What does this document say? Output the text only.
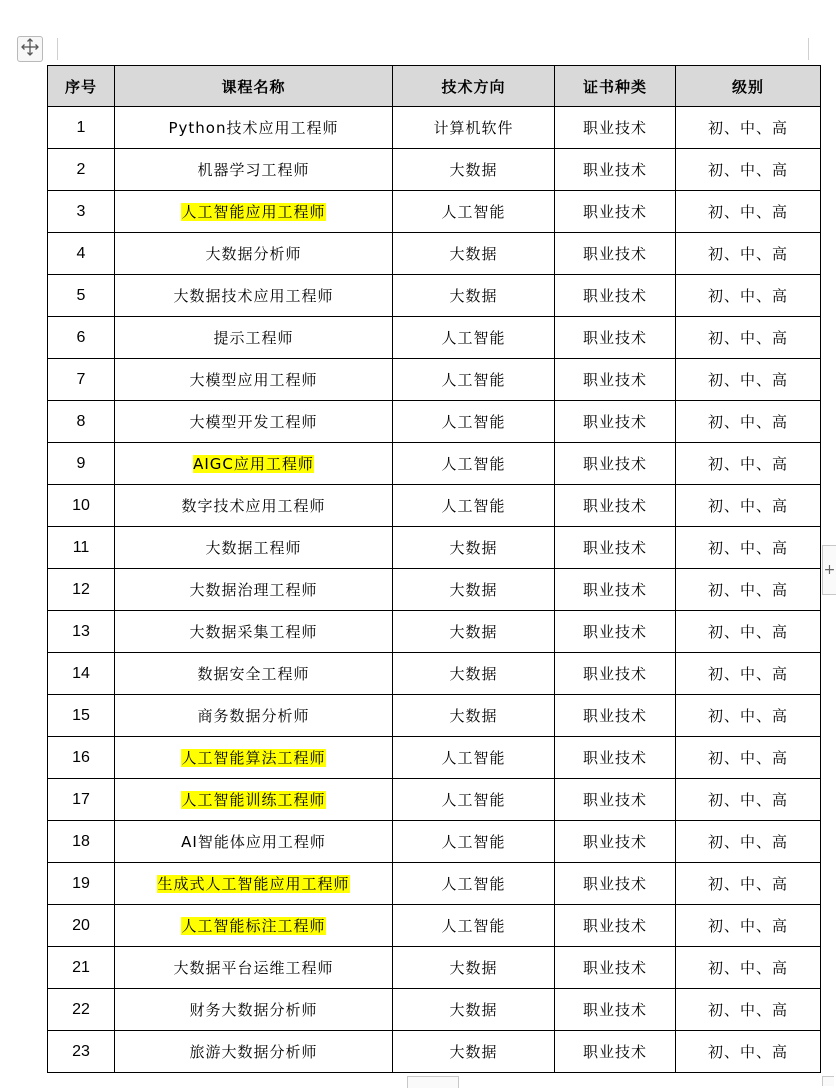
序号	课程名称	技术方向	证书种类	级别
1	Python技术应用工程师	计算机软件	职业技术	初、中、高
2	机器学习工程师	大数据	职业技术	初、中、高
3	人工智能应用工程师	人工智能	职业技术	初、中、高
4	大数据分析师	大数据	职业技术	初、中、高
5	大数据技术应用工程师	大数据	职业技术	初、中、高
6	提示工程师	人工智能	职业技术	初、中、高
7	大模型应用工程师	人工智能	职业技术	初、中、高
8	大模型开发工程师	人工智能	职业技术	初、中、高
9	AIGC应用工程师	人工智能	职业技术	初、中、高
10	数字技术应用工程师	人工智能	职业技术	初、中、高
11	大数据工程师	大数据	职业技术	初、中、高
12	大数据治理工程师	大数据	职业技术	初、中、高
13	大数据采集工程师	大数据	职业技术	初、中、高
14	数据安全工程师	大数据	职业技术	初、中、高
15	商务数据分析师	大数据	职业技术	初、中、高
16	人工智能算法工程师	人工智能	职业技术	初、中、高
17	人工智能训练工程师	人工智能	职业技术	初、中、高
18	AI智能体应用工程师	人工智能	职业技术	初、中、高
19	生成式人工智能应用工程师	人工智能	职业技术	初、中、高
20	人工智能标注工程师	人工智能	职业技术	初、中、高
21	大数据平台运维工程师	大数据	职业技术	初、中、高
22	财务大数据分析师	大数据	职业技术	初、中、高
23	旅游大数据分析师	大数据	职业技术	初、中、高
+
